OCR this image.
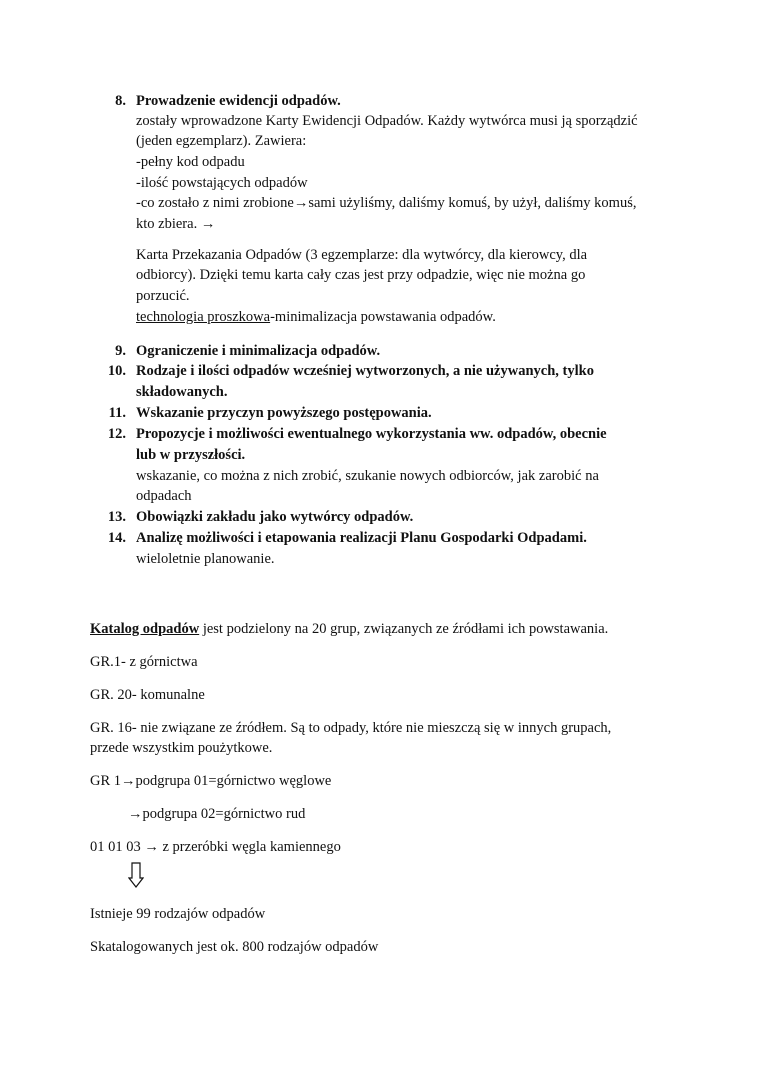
8. Prowadzenie ewidencji odpadów.
zostały wprowadzone Karty Ewidencji Odpadów. Każdy wytwórca musi ją sporządzić
(jeden egzemplarz). Zawiera:
-pełny kod odpadu
-ilość powstających odpadów
-co zostało z nimi zrobione→sami użyliśmy, daliśmy komuś, by użył, daliśmy komuś,
kto zbiera. →
Karta Przekazania Odpadów (3 egzemplarze: dla wytwórcy, dla kierowcy, dla
odbiorcy). Dzięki temu karta cały czas jest przy odpadzie, więc nie można go
porzucić.
technologia proszkowa-minimalizacja powstawania odpadów.
9. Ograniczenie i minimalizacja odpadów.
10. Rodzaje i ilości odpadów wcześniej wytworzonych, a nie używanych, tylko
składowanych.
11. Wskazanie przyczyn powyższego postępowania.
12. Propozycje i możliwości ewentualnego wykorzystania ww. odpadów, obecnie
lub w przyszłości.
wskazanie, co można z nich zrobić, szukanie nowych odbiorców, jak zarobić na
odpadach
13. Obowiązki zakładu jako wytwórcy odpadów.
14. Analizę możliwości i etapowania realizacji Planu Gospodarki Odpadami.
wieloletnie planowanie.
Katalog odpadów jest podzielony na 20 grup, związanych ze źródłami ich powstawania.
GR.1- z górnictwa
GR. 20- komunalne
GR. 16- nie związane ze źródłem. Są to odpady, które nie mieszczą się w innych grupach,
przede wszystkim poużytkowe.
GR 1→podgrupa 01=górnictwo węglowe
→podgrupa 02=górnictwo rud
01 01 03 → z przeróbki węgla kamiennego
Istnieje 99 rodzajów odpadów
Skatalogowanych jest ok. 800 rodzajów odpadów
